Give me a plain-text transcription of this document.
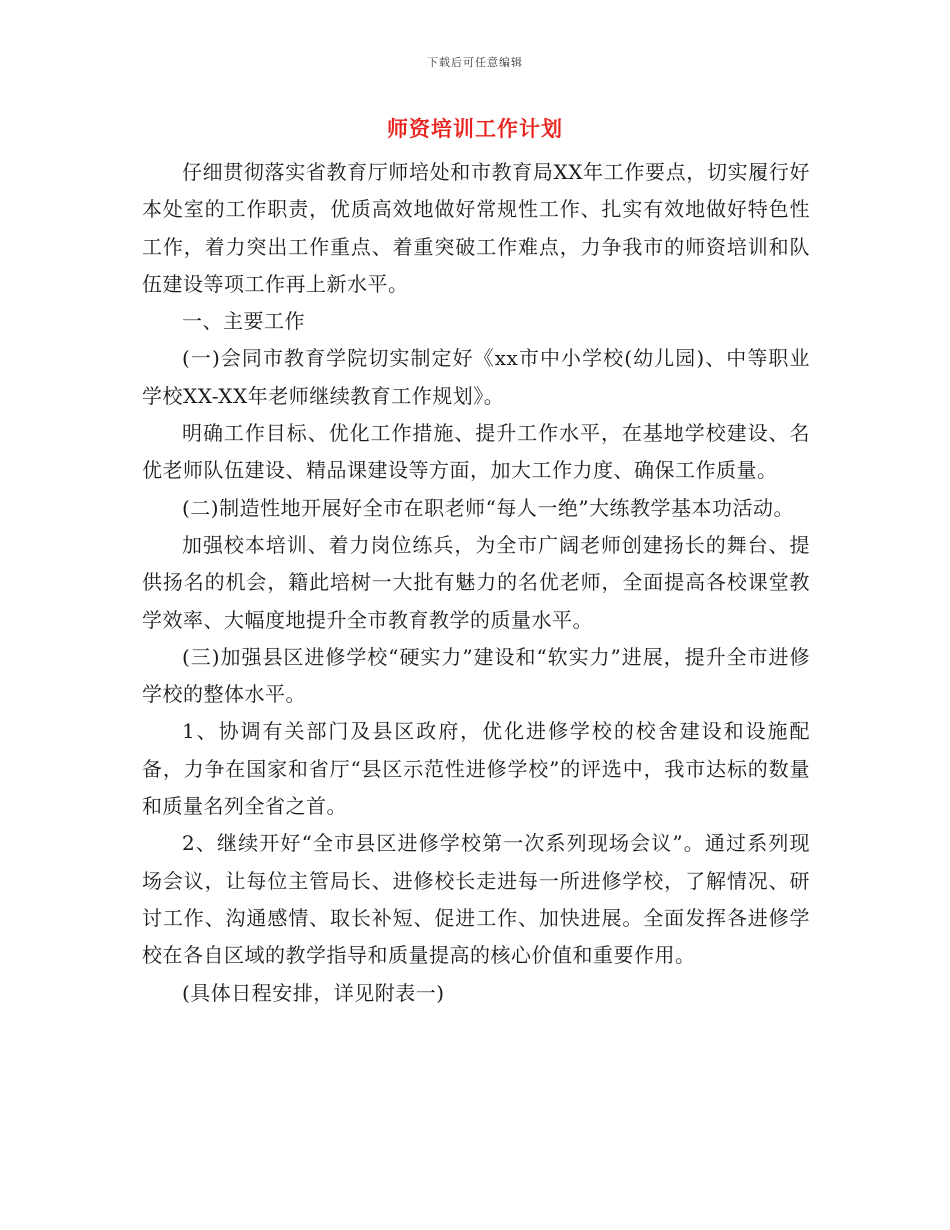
下载后可任意编辑
师资培训工作计划

仔细贯彻落实省教育厅师培处和市教育局XX年工作要点，切实履行好本处室的工作职责，优质高效地做好常规性工作、扎实有效地做好特色性工作，着力突出工作重点、着重突破工作难点，力争我市的师资培训和队伍建设等项工作再上新水平。

一、主要工作

(一)会同市教育学院切实制定好《xx市中小学校(幼儿园)、中等职业学校XX-XX年老师继续教育工作规划》。

明确工作目标、优化工作措施、提升工作水平，在基地学校建设、名优老师队伍建设、精品课建设等方面，加大工作力度、确保工作质量。

(二)制造性地开展好全市在职老师“每人一绝”大练教学基本功活动。

加强校本培训、着力岗位练兵，为全市广阔老师创建扬长的舞台、提供扬名的机会，籍此培树一大批有魅力的名优老师，全面提高各校课堂教学效率、大幅度地提升全市教育教学的质量水平。

(三)加强县区进修学校“硬实力”建设和“软实力”进展，提升全市进修学校的整体水平。

1、协调有关部门及县区政府，优化进修学校的校舍建设和设施配备，力争在国家和省厅“县区示范性进修学校”的评选中，我市达标的数量和质量名列全省之首。

2、继续开好“全市县区进修学校第一次系列现场会议”。通过系列现场会议，让每位主管局长、进修校长走进每一所进修学校，了解情况、研讨工作、沟通感情、取长补短、促进工作、加快进展。全面发挥各进修学校在各自区域的教学指导和质量提高的核心价值和重要作用。

(具体日程安排，详见附表一)
